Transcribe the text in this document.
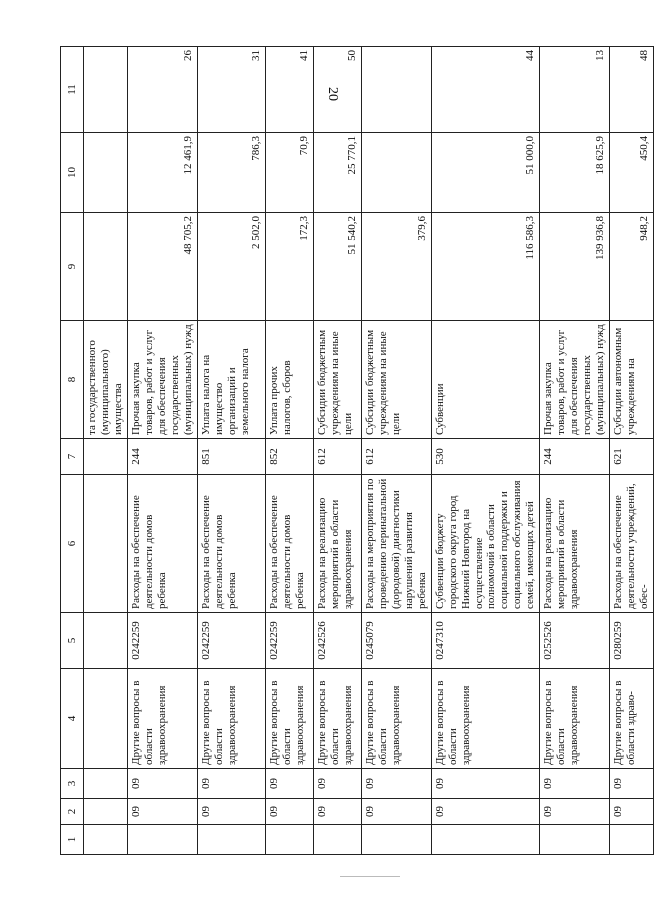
20
1	2	3	4	5	6	7	8	9	10	11
							та государственного (муниципального) имущества			
	09	09	Другие вопросы в области здравоохранения	0242259	Расходы на обеспечение деятельности домов ребенка	244	Прочая закупка товаров, работ и услуг для обеспечения государственных (муниципальных) нужд	48 705,2	12 461,9	26
	09	09	Другие вопросы в области здравоохранения	0242259	Расходы на обеспечение деятельности домов ребенка	851	Уплата налога на имущество организаций и земельного налога	2 502,0	786,3	31
	09	09	Другие вопросы в области здравоохранения	0242259	Расходы на обеспечение деятельности домов ребенка	852	Уплата прочих налогов, сборов	172,3	70,9	41
	09	09	Другие вопросы в области здравоохранения	0242526	Расходы на реализацию мероприятий в области здравоохранения	612	Субсидии бюджетным учреждениям на иные цели	51 540,2	25 770,1	50
	09	09	Другие вопросы в области здравоохранения	0245079	Расходы на мероприятия по проведению перинатальной (дородовой) диагностики нарушений развития ребенка	612	Субсидии бюджетным учреждениям на иные цели	379,6		
	09	09	Другие вопросы в области здравоохранения	0247310	Субвенции бюджету городского округа город Нижний Новгород на осуществление полномочий в области социальной поддержки и социального обслуживания семей, имеющих детей	530	Субвенции	116 586,3	51 000,0	44
	09	09	Другие вопросы в области здравоохранения	0252526	Расходы на реализацию мероприятий в области здравоохранения	244	Прочая закупка товаров, работ и услуг для обеспечения государственных (муниципальных) нужд	139 936,8	18 625,9	13
	09	09	Другие вопросы в области здраво-	0280259	Расходы на обеспечение деятельности учреждений, обес-	621	Субсидии автономным учреждениям на	948,2	450,4	48
